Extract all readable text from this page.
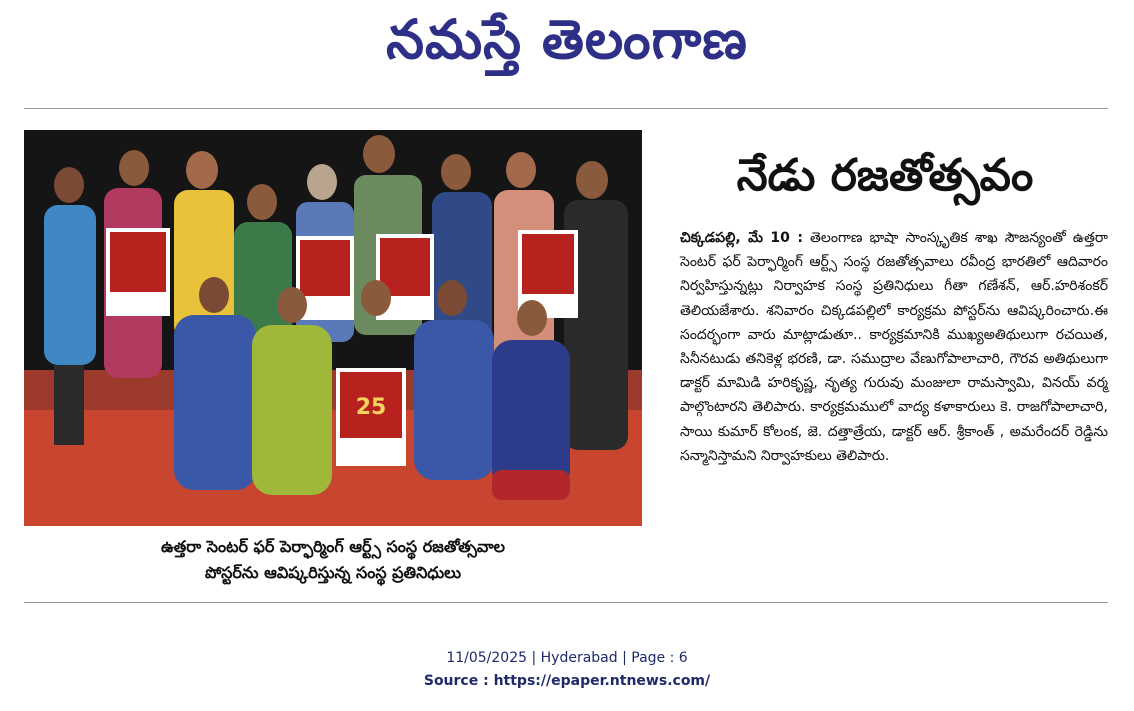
నమస్తే తెలంగాణ
25
ఉత్తరా సెంటర్ ఫర్ పెర్ఫార్మింగ్ ఆర్ట్స్ సంస్థ రజతోత్సవాల
పోస్టర్‌ను ఆవిష్కరిస్తున్న సంస్థ ప్రతినిధులు
నేడు రజతోత్సవం
చిక్కడపల్లి, మే 10 : తెలంగాణ భాషా సాంస్కృతిక శాఖ సౌజన్యంతో ఉత్తరా సెంటర్ ఫర్ పెర్ఫార్మింగ్ ఆర్ట్స్ సంస్థ రజతోత్సవాలు రవీంద్ర భారతిలో ఆదివారం నిర్వహిస్తున్నట్లు నిర్వాహక సంస్థ ప్రతినిధులు గీతా గణేశన్, ఆర్.హరిశంకర్ తెలియజేశారు. శనివారం చిక్కడపల్లిలో కార్యక్రమ పోస్టర్‌ను ఆవిష్కరించారు.ఈ సందర్భంగా వారు మాట్లాడుతూ.. కార్యక్రమానికి ముఖ్యఅతిథులుగా రచయిత, సినీనటుడు తనికెళ్ల భరణి, డా. సముద్రాల వేణుగోపాలాచారి, గౌరవ అతిథులుగా డాక్టర్ మామిడి హరికృష్ణ, నృత్య గురువు మంజులా రామస్వామి, వినయ్ వర్మ పాల్గొంటారని తెలిపారు. కార్యక్రమములో వాద్య కళాకారులు కె. రాజగోపాలాచారి, సాయి కుమార్ కోలంక, జె. దత్తాత్రేయ, డాక్టర్ ఆర్. శ్రీకాంత్ , అమరేందర్ రెడ్డిను సన్మానిస్తామని నిర్వాహకులు తెలిపారు.
11/05/2025 | Hyderabad | Page : 6
Source : https://epaper.ntnews.com/
